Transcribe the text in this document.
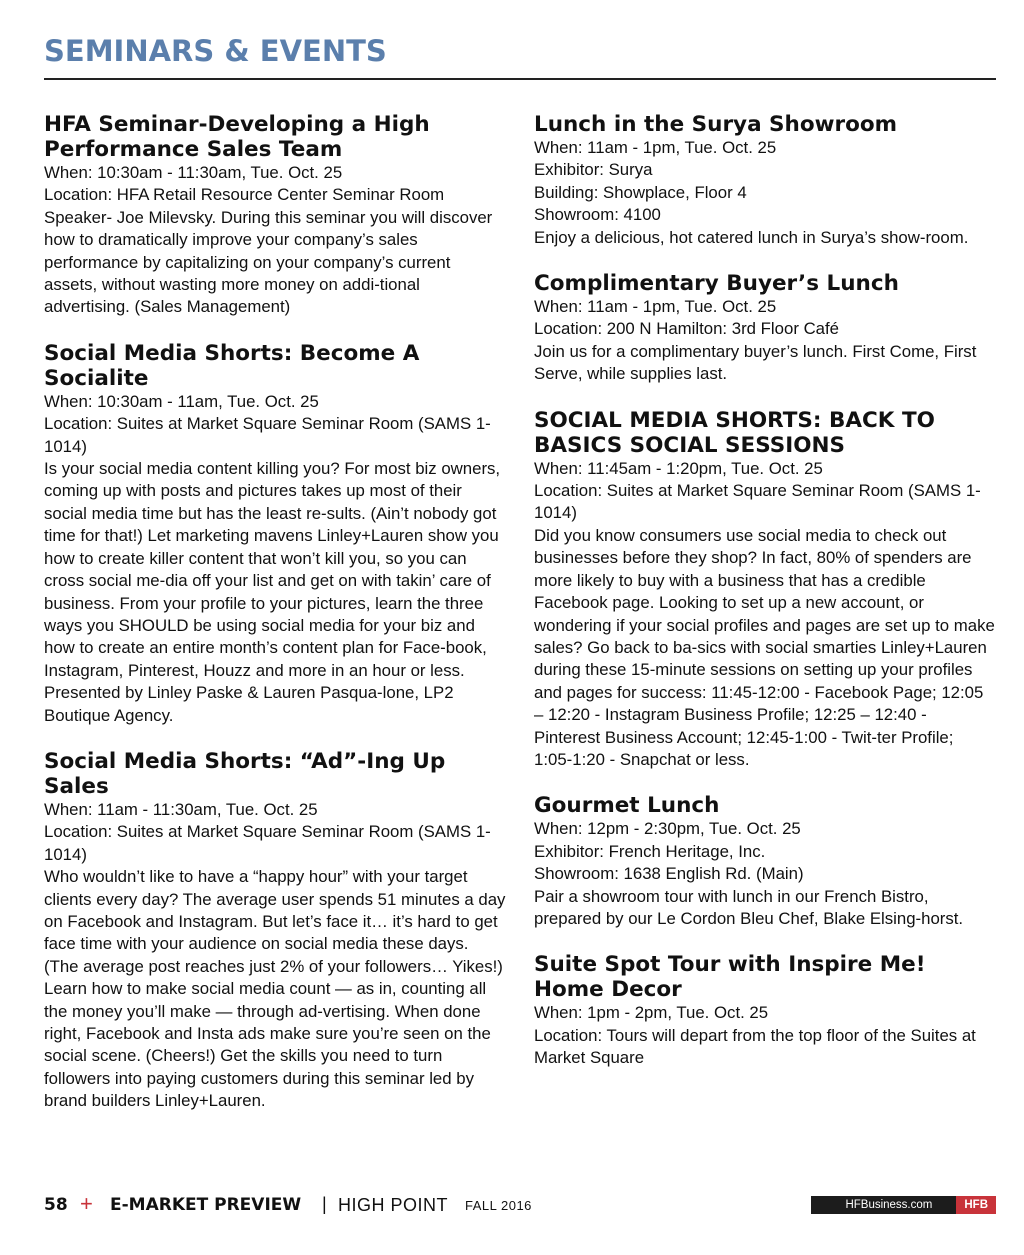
SEMINARS & EVENTS
HFA Seminar-Developing a High Performance Sales Team

When: 10:30am - 11:30am, Tue. Oct. 25

Location: HFA Retail Resource Center Seminar Room

Speaker- Joe Milevsky. During this seminar you will discover how to dramatically improve your company’s sales performance by capitalizing on your company’s current assets, without wasting more money on addi-tional advertising. (Sales Management)

Social Media Shorts: Become A Socialite

When: 10:30am - 11am, Tue. Oct. 25

Location: Suites at Market Square Seminar Room (SAMS 1-1014)

Is your social media content killing you? For most biz owners, coming up with posts and pictures takes up most of their social media time but has the least re-sults. (Ain’t nobody got time for that!) Let marketing mavens Linley+Lauren show you how to create killer content that won’t kill you, so you can cross social me-dia off your list and get on with takin’ care of business. From your profile to your pictures, learn the three ways you SHOULD be using social media for your biz and how to create an entire month’s content plan for Face-book, Instagram, Pinterest, Houzz and more in an hour or less. Presented by Linley Paske & Lauren Pasqua-lone, LP2 Boutique Agency.

Social Media Shorts: “Ad”-Ing Up Sales

When: 11am - 11:30am, Tue. Oct. 25

Location: Suites at Market Square Seminar Room (SAMS 1-1014)

Who wouldn’t like to have a “happy hour” with your target clients every day? The average user spends 51 minutes a day on Facebook and Instagram. But let’s face it… it’s hard to get face time with your audience on social media these days. (The average post reaches just 2% of your followers… Yikes!) Learn how to make social media count — as in, counting all the money you’ll make — through ad-vertising. When done right, Facebook and Insta ads make sure you’re seen on the social scene. (Cheers!) Get the skills you need to turn followers into paying customers during this seminar led by brand builders Linley+Lauren.

Lunch in the Surya Showroom

When: 11am - 1pm, Tue. Oct. 25

Exhibitor: Surya

Building: Showplace, Floor 4

Showroom: 4100

Enjoy a delicious, hot catered lunch in Surya’s show-room.

Complimentary Buyer’s Lunch

When: 11am - 1pm, Tue. Oct. 25

Location: 200 N Hamilton: 3rd Floor Café

Join us for a complimentary buyer’s lunch. First Come, First Serve, while supplies last.

SOCIAL MEDIA SHORTS: BACK TO BASICS SOCIAL SESSIONS

When: 11:45am - 1:20pm, Tue. Oct. 25

Location: Suites at Market Square Seminar Room (SAMS 1-1014)

Did you know consumers use social media to check out businesses before they shop? In fact, 80% of spenders are more likely to buy with a business that has a credible Facebook page. Looking to set up a new account, or wondering if your social profiles and pages are set up to make sales? Go back to ba-sics with social smarties Linley+Lauren during these 15-minute sessions on setting up your profiles and pages for success: 11:45-12:00 - Facebook Page; 12:05 – 12:20 - Instagram Business Profile; 12:25 – 12:40 - Pinterest Business Account; 12:45-1:00 - Twit-ter Profile; 1:05-1:20 - Snapchat or less.

Gourmet Lunch

When: 12pm - 2:30pm, Tue. Oct. 25

Exhibitor: French Heritage, Inc.

Showroom: 1638 English Rd. (Main)

Pair a showroom tour with lunch in our French Bistro, prepared by our Le Cordon Bleu Chef, Blake Elsing-horst.

Suite Spot Tour with Inspire Me! Home Decor

When: 1pm - 2pm, Tue. Oct. 25

Location: Tours will depart from the top floor of the Suites at Market Square

58 + E-MARKET PREVIEW | HIGH POINT FALL 2016	HFBusiness.com	HFB
